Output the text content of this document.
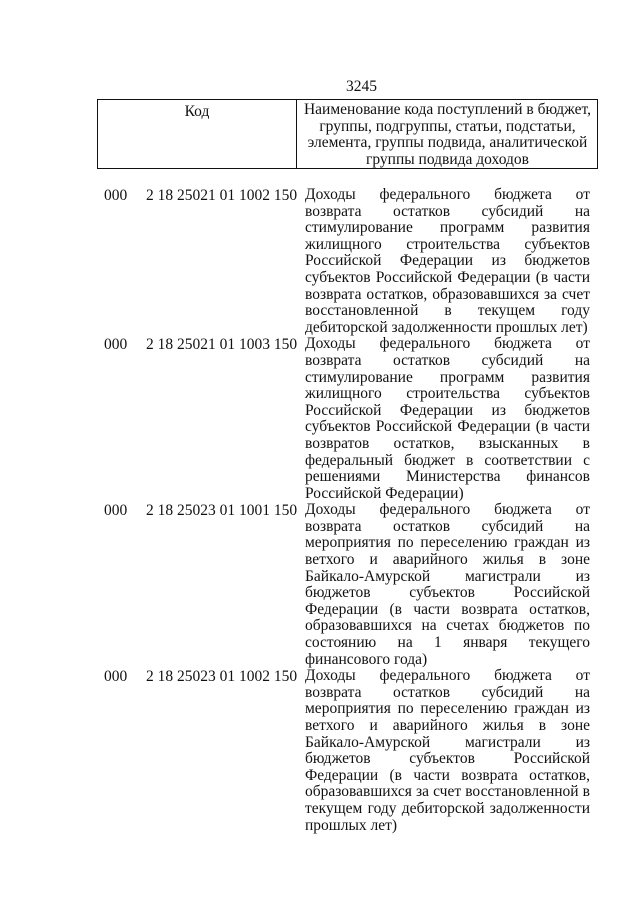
3245
Код	Наименование кода поступлений в бюджет, группы, подгруппы, статьи, подстатьи, элемента, группы подвида, аналитической группы подвида доходов
000 2 18 25021 01 1002 150 Доходы федерального бюджета от возврата остатков субсидий на стимулирование программ развития жилищного строительства субъектов Российской Федерации из бюджетов субъектов Российской Федерации (в части возврата остатков, образовавшихся за счет восстановленной в текущем году дебиторской задолженности прошлых лет)
000 2 18 25021 01 1003 150 Доходы федерального бюджета от возврата остатков субсидий на стимулирование программ развития жилищного строительства субъектов Российской Федерации из бюджетов субъектов Российской Федерации (в части возвратов остатков, взысканных в федеральный бюджет в соответствии с решениями Министерства финансов Российской Федерации)
000 2 18 25023 01 1001 150 Доходы федерального бюджета от возврата остатков субсидий на мероприятия по переселению граждан из ветхого и аварийного жилья в зоне Байкало-Амурской магистрали из бюджетов субъектов Российской Федерации (в части возврата остатков, образовавшихся на счетах бюджетов по состоянию на 1 января текущего финансового года)
000 2 18 25023 01 1002 150 Доходы федерального бюджета от возврата остатков субсидий на мероприятия по переселению граждан из ветхого и аварийного жилья в зоне Байкало-Амурской магистрали из бюджетов субъектов Российской Федерации (в части возврата остатков, образовавшихся за счет восстановленной в текущем году дебиторской задолженности прошлых лет)
